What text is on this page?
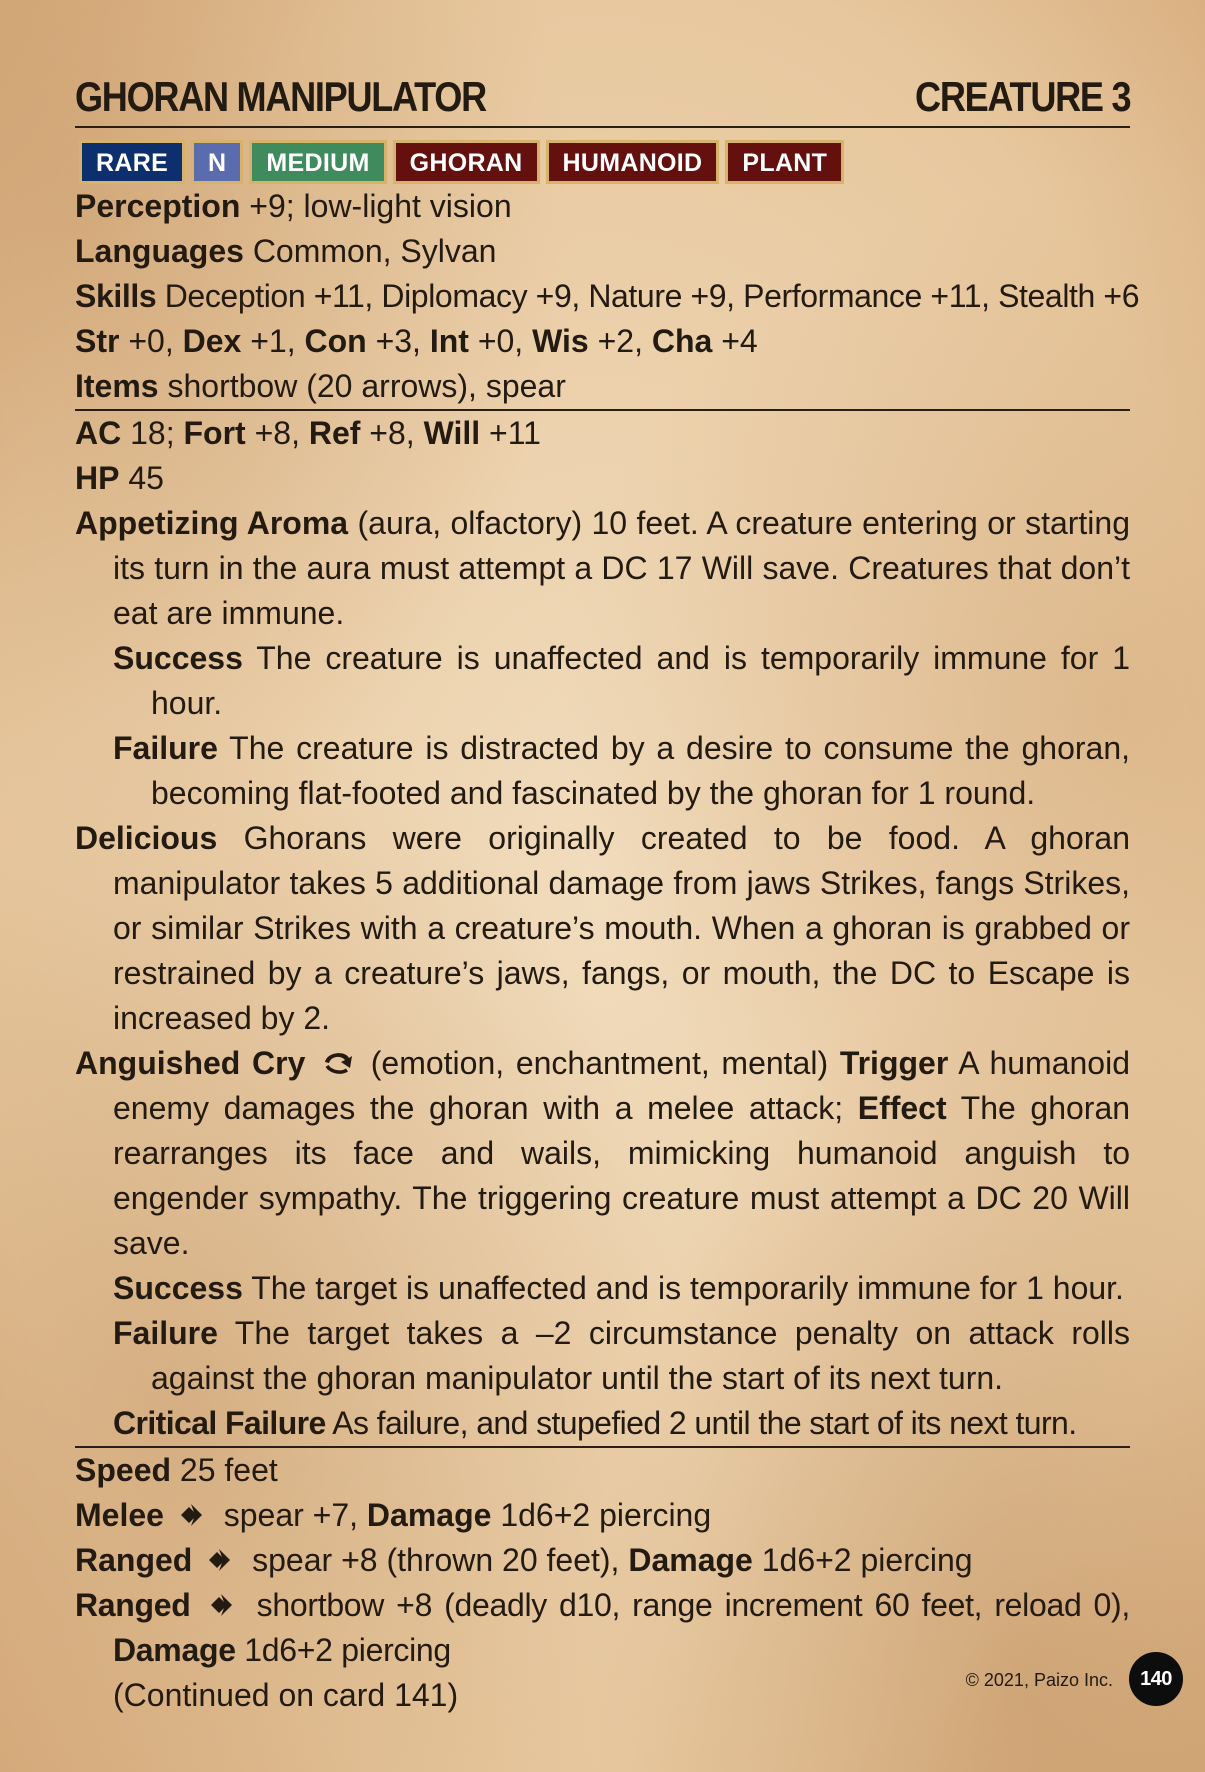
GHORAN MANIPULATOR	CREATURE 3
RARE	N	MEDIUM	GHORAN	HUMANOID	PLANT
Perception +9; low-light vision
Languages Common, Sylvan
Skills Deception +11, Diplomacy +9, Nature +9, Performance +11, Stealth +6
Str +0, Dex +1, Con +3, Int +0, Wis +2, Cha +4
Items shortbow (20 arrows), spear
AC 18; Fort +8, Ref +8, Will +11
HP 45
Appetizing Aroma (aura, olfactory) 10 feet. A creature entering or starting its turn in the aura must attempt a DC 17 Will save. Creatures that don’t eat are immune.
Success The creature is unaffected and is temporarily immune for 1 hour.
Failure The creature is distracted by a desire to consume the ghoran, becoming flat-footed and fascinated by the ghoran for 1 round.
Delicious Ghorans were originally created to be food. A ghoran manipulator takes 5 additional damage from jaws Strikes, fangs Strikes, or similar Strikes with a creature’s mouth. When a ghoran is grabbed or restrained by a creature’s jaws, fangs, or mouth, the DC to Escape is increased by 2.
Anguished Cry (emotion, enchantment, mental) Trigger A humanoid enemy damages the ghoran with a melee attack; Effect The ghoran rearranges its face and wails, mimicking humanoid anguish to engender sympathy. The triggering creature must attempt a DC 20 Will save.
Success The target is unaffected and is temporarily immune for 1 hour.
Failure The target takes a –2 circumstance penalty on attack rolls against the ghoran manipulator until the start of its next turn.
Critical Failure As failure, and stupefied 2 until the start of its next turn.
Speed 25 feet
Melee spear +7, Damage 1d6+2 piercing
Ranged spear +8 (thrown 20 feet), Damage 1d6+2 piercing
Ranged shortbow +8 (deadly d10, range increment 60 feet, reload 0), Damage 1d6+2 piercing
(Continued on card 141)	© 2021, Paizo Inc.	140
